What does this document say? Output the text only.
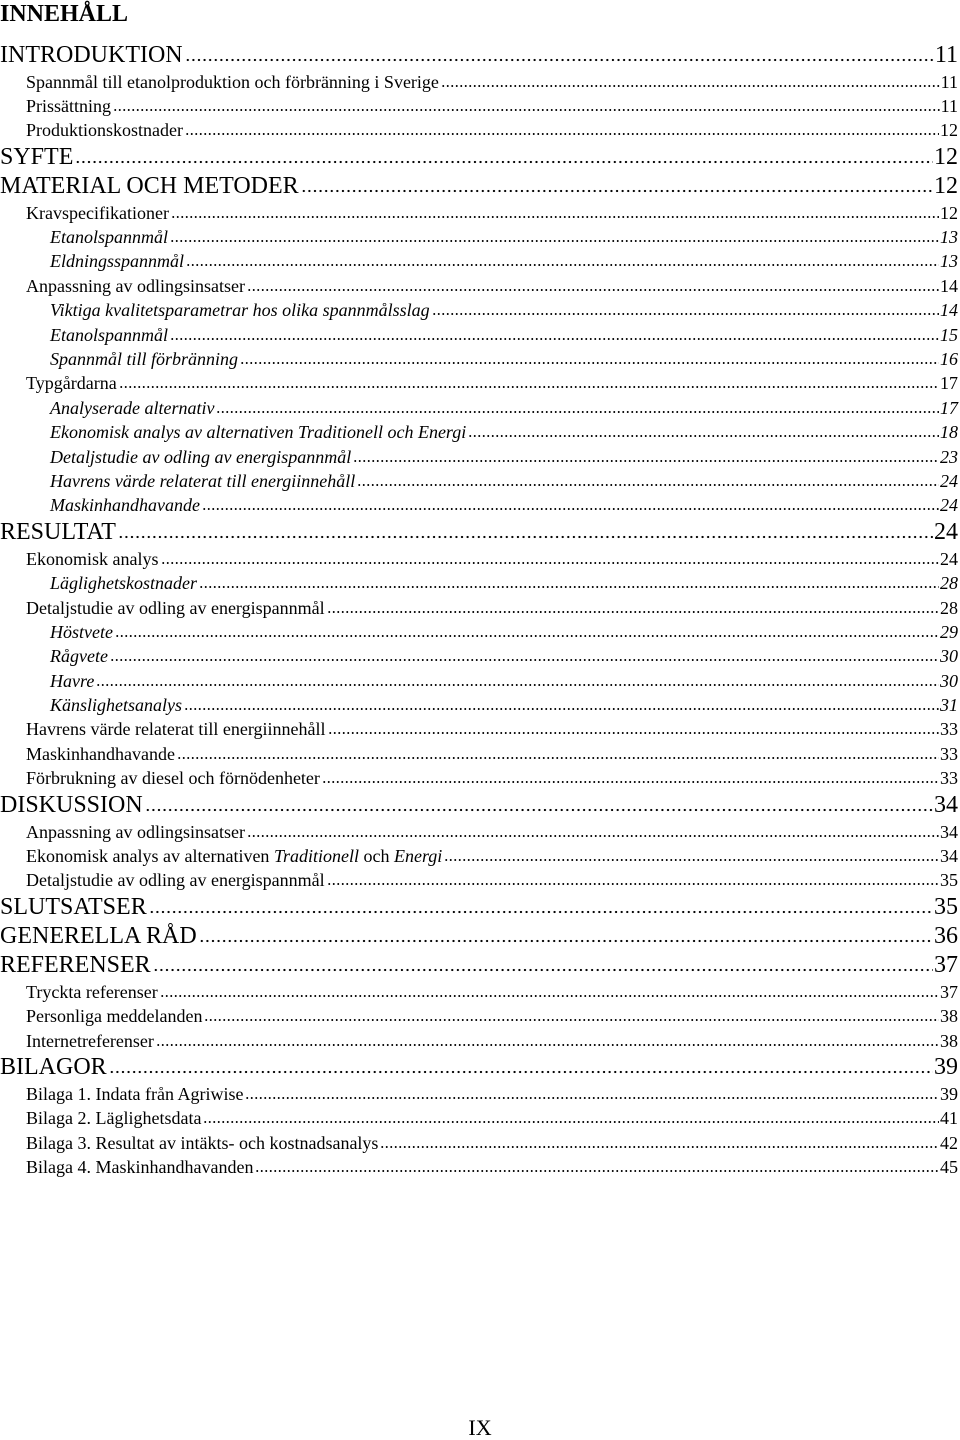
INNEHÅLL
INTRODUKTION	11
Spannmål till etanolproduktion och förbränning i Sverige	11
Prissättning	11
Produktionskostnader	12
SYFTE	12
MATERIAL OCH METODER	12
Kravspecifikationer	12
Etanolspannmål	13
Eldningsspannmål	13
Anpassning av odlingsinsatser	14
Viktiga kvalitetsparametrar hos olika spannmålsslag	14
Etanolspannmål	15
Spannmål till förbränning	16
Typgårdarna	17
Analyserade alternativ	17
Ekonomisk analys av alternativen Traditionell och Energi	18
Detaljstudie av odling av energispannmål	23
Havrens värde relaterat till energiinnehåll	24
Maskinhandhavande	24
RESULTAT	24
Ekonomisk analys	24
Läglighetskostnader	28
Detaljstudie av odling av energispannmål	28
Höstvete	29
Rågvete	30
Havre	30
Känslighetsanalys	31
Havrens värde relaterat till energiinnehåll	33
Maskinhandhavande	33
Förbrukning av diesel och förnödenheter	33
DISKUSSION	34
Anpassning av odlingsinsatser	34
Ekonomisk analys av alternativen Traditionell och Energi	34
Detaljstudie av odling av energispannmål	35
SLUTSATSER	35
GENERELLA RÅD	36
REFERENSER	37
Tryckta referenser	37
Personliga meddelanden	38
Internetreferenser	38
BILAGOR	39
Bilaga 1. Indata från Agriwise	39
Bilaga 2. Läglighetsdata	41
Bilaga 3. Resultat av intäkts- och kostnadsanalys	42
Bilaga 4. Maskinhandhavanden	45
IX
